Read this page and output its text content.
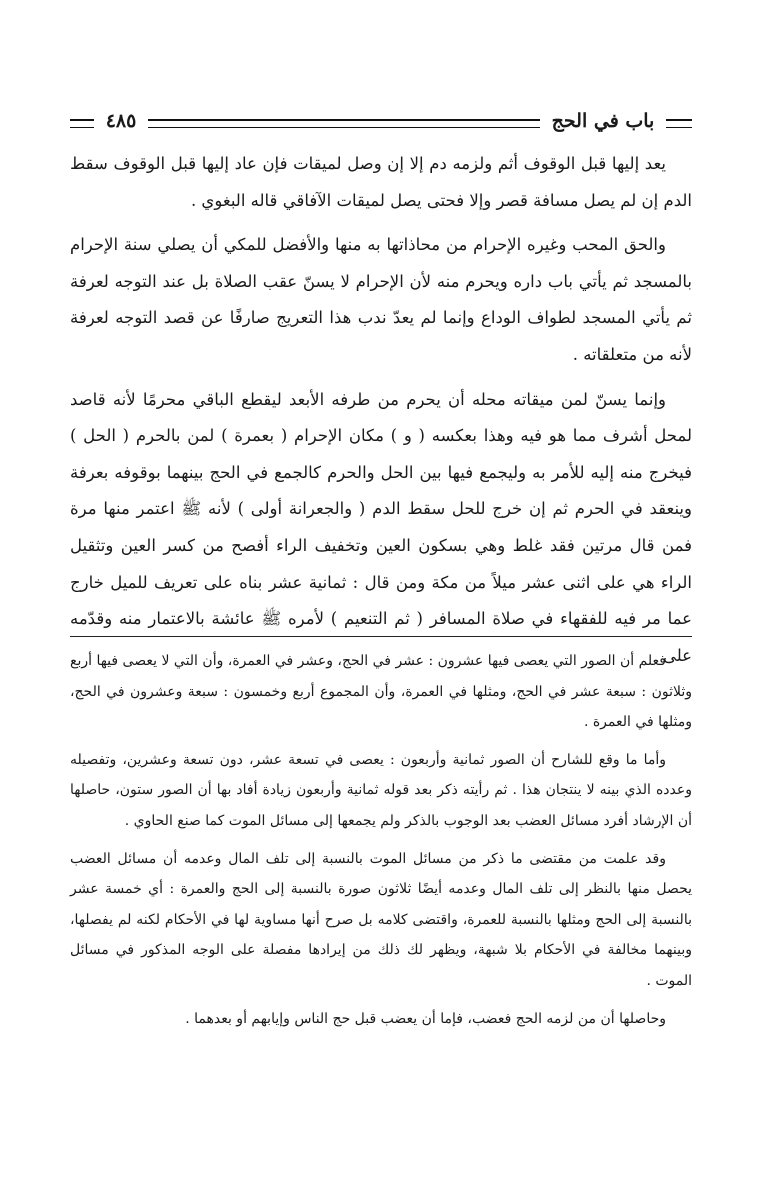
٤٨٥	باب في الحج

يعد إليها قبل الوقوف أثم ولزمه دم إلا إن وصل لميقات فإن عاد إليها قبل الوقوف سقط الدم إن لم يصل مسافة قصر وإلا فحتى يصل لميقات الآفاقي قاله البغوي .

والحق المحب وغيره الإحرام من محاذاتها به منها والأفضل للمكي أن يصلي سنة الإحرام بالمسجد ثم يأتي باب داره ويحرم منه لأن الإحرام لا يسنّ عقب الصلاة بل عند التوجه لعرفة ثم يأتي المسجد لطواف الوداع وإنما لم يعدّ ندب هذا التعريج صارفًا عن قصد التوجه لعرفة لأنه من متعلقاته .

وإنما يسنّ لمن ميقاته محله أن يحرم من طرفه الأبعد ليقطع الباقي محرمًا لأنه قاصد لمحل أشرف مما هو فيه وهذا بعكسه ( و ) مكان الإحرام ( بعمرة ) لمن بالحرم ( الحل ) فيخرج منه إليه للأمر به وليجمع فيها بين الحل والحرم كالجمع في الحج بينهما بوقوفه بعرفة وينعقد في الحرم ثم إن خرج للحل سقط الدم ( والجعرانة أولى ) لأنه ﷺ اعتمر منها مرة فمن قال مرتين فقد غلط وهي بسكون العين وتخفيف الراء أفصح من كسر العين وتثقيل الراء هي على اثنى عشر ميلاً من مكة ومن قال : ثمانية عشر بناه على تعريف للميل خارج عما مر فيه للفقهاء في صلاة المسافر ( ثم التنعيم ) لأمره ﷺ عائشة بالاعتمار منه وقدّمه على

فعلم أن الصور التي يعصى فيها عشرون : عشر في الحج، وعشر في العمرة، وأن التي لا يعصى فيها أربع وثلاثون : سبعة عشر في الحج، ومثلها في العمرة، وأن المجموع أربع وخمسون : سبعة وعشرون في الحج، ومثلها في العمرة .

وأما ما وقع للشارح أن الصور ثمانية وأربعون : يعصى في تسعة عشر، دون تسعة وعشرين، وتفصيله وعدده الذي بينه لا ينتجان هذا . ثم رأيته ذكر بعد قوله ثمانية وأربعون زيادة أفاد بها أن الصور ستون، حاصلها أن الإرشاد أفرد مسائل العضب بعد الوجوب بالذكر ولم يجمعها إلى مسائل الموت كما صنع الحاوي .

وقد علمت من مقتضى ما ذكر من مسائل الموت بالنسبة إلى تلف المال وعدمه أن مسائل العضب يحصل منها بالنظر إلى تلف المال وعدمه أيضًا ثلاثون صورة بالنسبة إلى الحج والعمرة : أي خمسة عشر بالنسبة إلى الحج ومثلها بالنسبة للعمرة، واقتضى كلامه بل صرح أنها مساوية لها في الأحكام لكنه لم يفصلها، وبينهما مخالفة في الأحكام بلا شبهة، ويظهر لك ذلك من إيرادها مفصلة على الوجه المذكور في مسائل الموت .

وحاصلها أن من لزمه الحج فعضب، فإما أن يعضب قبل حج الناس وإيابهم أو بعدهما .
